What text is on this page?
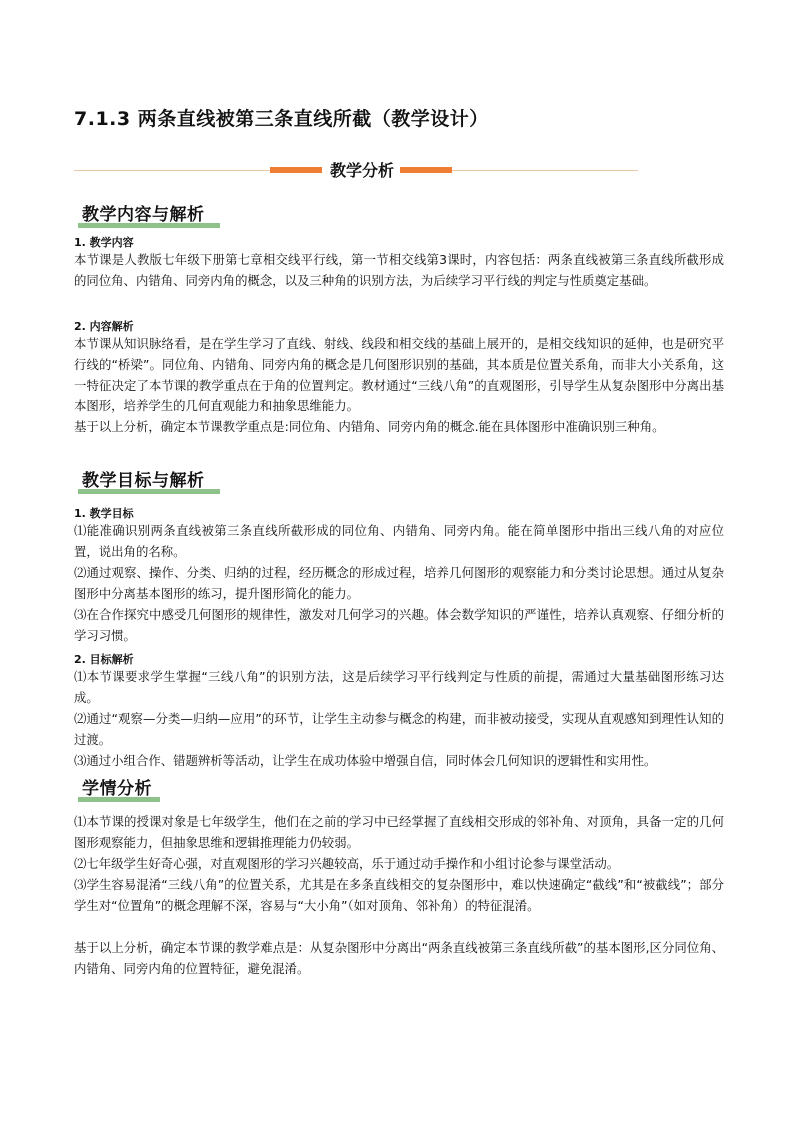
7.1.3 两条直线被第三条直线所截（教学设计）
教学分析
教学内容与解析
1. 教学内容

本节课是人教版七年级下册第七章相交线平行线，第一节相交线第3课时，内容包括：两条直线被第三条直线所截形成的同位角、内错角、同旁内角的概念，以及三种角的识别方法，为后续学习平行线的判定与性质奠定基础。

2. 内容解析

本节课从知识脉络看，是在学生学习了直线、射线、线段和相交线的基础上展开的，是相交线知识的延伸，也是研究平行线的“桥梁”。同位角、内错角、同旁内角的概念是几何图形识别的基础，其本质是位置关系角，而非大小关系角，这一特征决定了本节课的教学重点在于角的位置判定。教材通过“三线八角”的直观图形，引导学生从复杂图形中分离出基本图形，培养学生的几何直观能力和抽象思维能力。

基于以上分析，确定本节课教学重点是:同位角、内错角、同旁内角的概念.能在具体图形中准确识别三种角。

教学目标与解析
1. 教学目标

⑴能准确识别两条直线被第三条直线所截形成的同位角、内错角、同旁内角。能在简单图形中指出三线八角的对应位置，说出角的名称。

⑵通过观察、操作、分类、归纳的过程，经历概念的形成过程，培养几何图形的观察能力和分类讨论思想。通过从复杂图形中分离基本图形的练习，提升图形简化的能力。

⑶在合作探究中感受几何图形的规律性，激发对几何学习的兴趣。体会数学知识的严谨性，培养认真观察、仔细分析的学习习惯。

2. 目标解析

⑴本节课要求学生掌握“三线八角”的识别方法，这是后续学习平行线判定与性质的前提，需通过大量基础图形练习达成。

⑵通过“观察—分类—归纳—应用”的环节，让学生主动参与概念的构建，而非被动接受，实现从直观感知到理性认知的过渡。

⑶通过小组合作、错题辨析等活动，让学生在成功体验中增强自信，同时体会几何知识的逻辑性和实用性。

学情分析

⑴本节课的授课对象是七年级学生，他们在之前的学习中已经掌握了直线相交形成的邻补角、对顶角，具备一定的几何图形观察能力，但抽象思维和逻辑推理能力仍较弱。

⑵七年级学生好奇心强，对直观图形的学习兴趣较高，乐于通过动手操作和小组讨论参与课堂活动。

⑶学生容易混淆“三线八角”的位置关系，尤其是在多条直线相交的复杂图形中，难以快速确定“截线”和“被截线”；部分学生对“位置角”的概念理解不深，容易与“大小角”（如对顶角、邻补角）的特征混淆。

基于以上分析，确定本节课的教学难点是：从复杂图形中分离出“两条直线被第三条直线所截”的基本图形,区分同位角、内错角、同旁内角的位置特征，避免混淆。
